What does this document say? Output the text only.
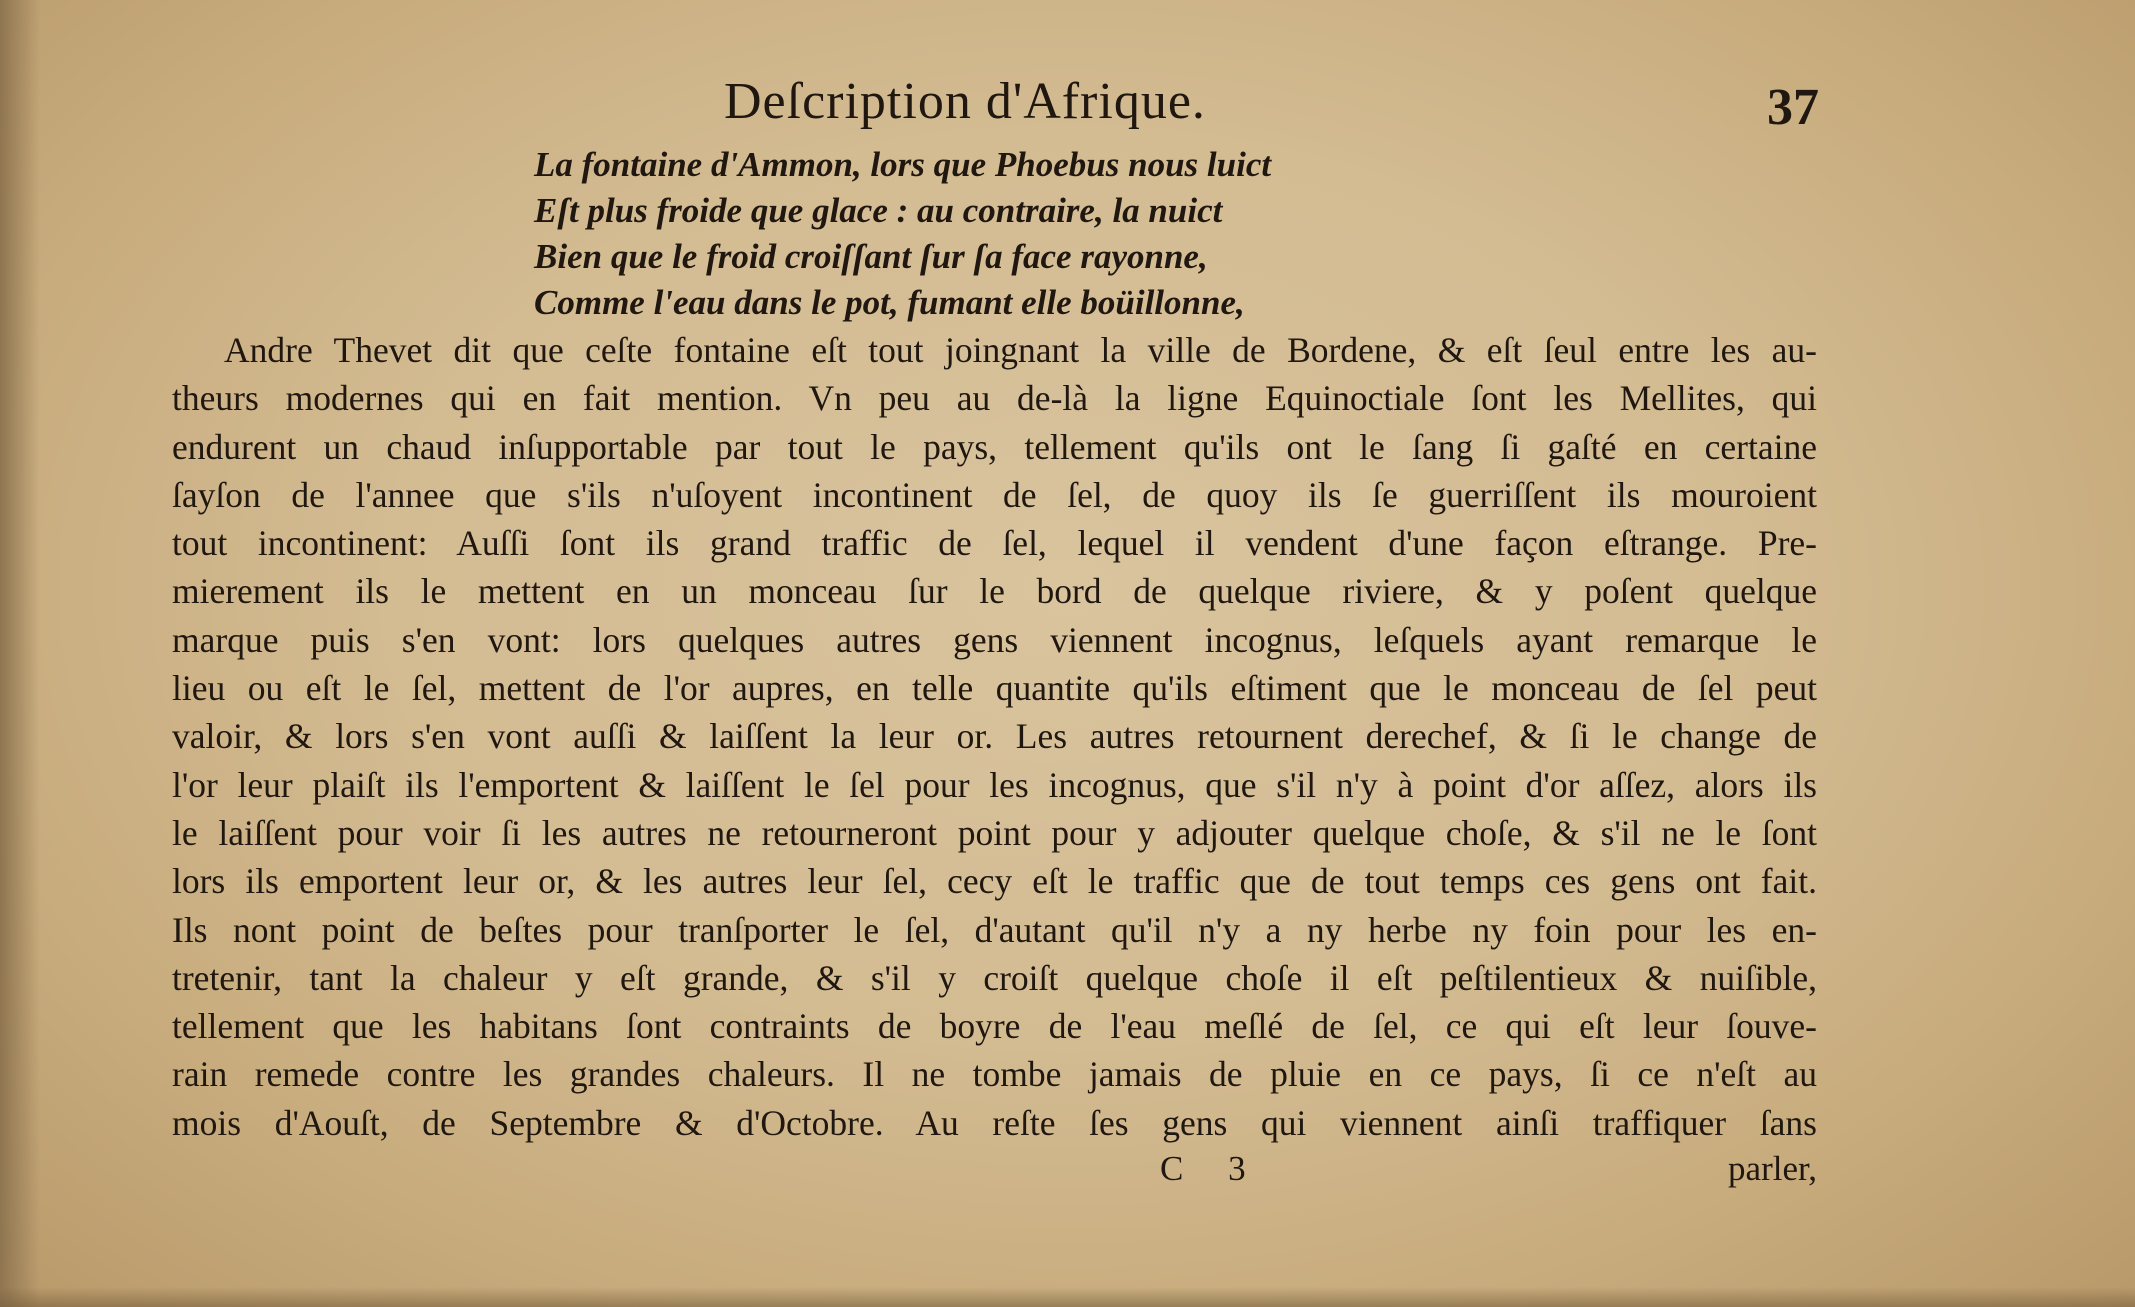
Deſcription d'Afrique.	37
La fontaine d'Ammon, lors que Phoebus nous luict
Eſt plus froide que glace : au contraire, la nuict
Bien que le froid croiſſant ſur ſa face rayonne,
Comme l'eau dans le pot, fumant elle boüillonne,
Andre Thevet dit que ceſte fontaine eſt tout joingnant la ville de Bordene, & eſt ſeul entre les au-
theurs modernes qui en fait mention. Vn peu au de-là la ligne Equinoctiale ſont les Mellites, qui
endurent un chaud inſupportable par tout le pays, tellement qu'ils ont le ſang ſi gaſté en certaine
ſayſon de l'annee que s'ils n'uſoyent incontinent de ſel, de quoy ils ſe guerriſſent ils mouroient
tout incontinent: Auſſi ſont ils grand traffic de ſel, lequel il vendent d'une façon eſtrange. Pre-
mierement ils le mettent en un monceau ſur le bord de quelque riviere, & y poſent quelque
marque puis s'en vont: lors quelques autres gens viennent incognus, leſquels ayant remarque le
lieu ou eſt le ſel, mettent de l'or aupres, en telle quantite qu'ils eſtiment que le monceau de ſel peut
valoir, & lors s'en vont auſſi & laiſſent la leur or. Les autres retournent derechef, & ſi le change de
l'or leur plaiſt ils l'emportent & laiſſent le ſel pour les incognus, que s'il n'y à point d'or aſſez, alors ils
le laiſſent pour voir ſi les autres ne retourneront point pour y adjouter quelque choſe, & s'il ne le ſont
lors ils emportent leur or, & les autres leur ſel, cecy eſt le traffic que de tout temps ces gens ont fait.
Ils nont point de beſtes pour tranſporter le ſel, d'autant qu'il n'y a ny herbe ny foin pour les en-
tretenir, tant la chaleur y eſt grande, & s'il y croiſt quelque choſe il eſt peſtilentieux & nuiſible,
tellement que les habitans ſont contraints de boyre de l'eau meſlé de ſel, ce qui eſt leur ſouve-
rain remede contre les grandes chaleurs. Il ne tombe jamais de pluie en ce pays, ſi ce n'eſt au
mois d'Aouſt, de Septembre & d'Octobre. Au reſte ſes gens qui viennent ainſi traffiquer ſans
C 3	parler,
